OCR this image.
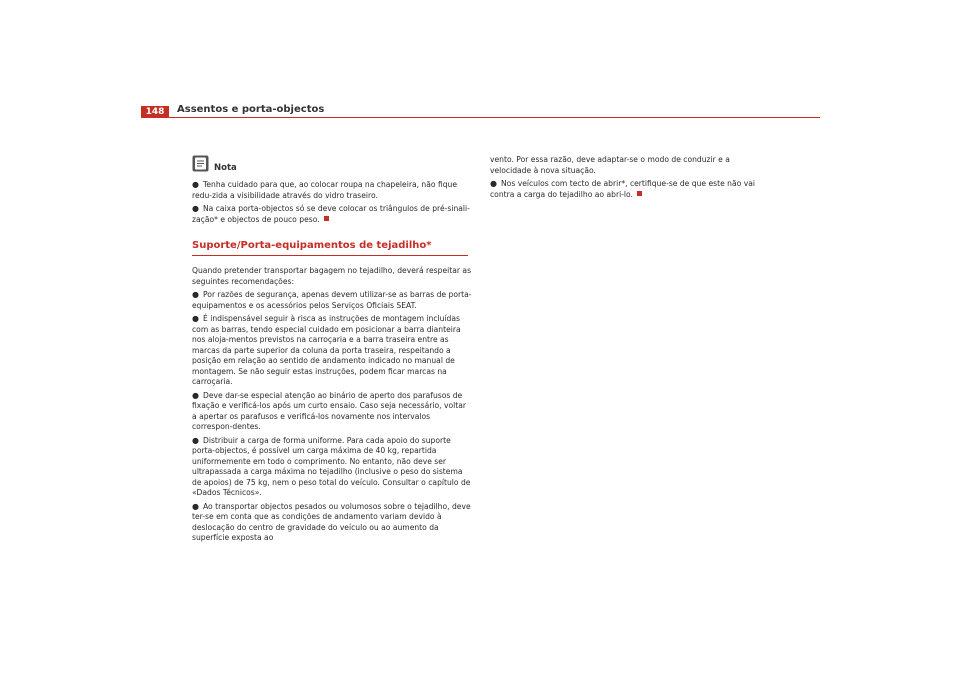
148	Assentos e porta-objectos
Nota

● Tenha cuidado para que, ao colocar roupa na chapeleira, não fique redu-zida a visibilidade através do vidro traseiro.

● Na caixa porta-objectos só se deve colocar os triângulos de pré-sinali-zação* e objectos de pouco peso.

Suporte/Porta-equipamentos de tejadilho*

Quando pretender transportar bagagem no tejadilho, deverá respeitar as seguintes recomendações:

● Por razões de segurança, apenas devem utilizar-se as barras de porta-equipamentos e os acessórios pelos Serviços Oficiais SEAT.

● É indispensável seguir à risca as instruções de montagem incluídas com as barras, tendo especial cuidado em posicionar a barra dianteira nos aloja-mentos previstos na carroçaria e a barra traseira entre as marcas da parte superior da coluna da porta traseira, respeitando a posição em relação ao sentido de andamento indicado no manual de montagem. Se não seguir estas instruções, podem ficar marcas na carroçaria.

● Deve dar-se especial atenção ao binário de aperto dos parafusos de fixação e verificá-los após um curto ensaio. Caso seja necessário, voltar a apertar os parafusos e verificá-los novamente nos intervalos correspon-dentes.

● Distribuir a carga de forma uniforme. Para cada apoio do suporte porta-objectos, é possível um carga máxima de 40 kg, repartida uniformemente em todo o comprimento. No entanto, não deve ser ultrapassada a carga máxima no tejadilho (inclusive o peso do sistema de apoios) de 75 kg, nem o peso total do veículo. Consultar o capítulo de «Dados Técnicos».

● Ao transportar objectos pesados ou volumosos sobre o tejadilho, deve ter-se em conta que as condições de andamento variam devido à deslocação do centro de gravidade do veículo ou ao aumento da superfície exposta ao

vento. Por essa razão, deve adaptar-se o modo de conduzir e a velocidade à nova situação.

● Nos veículos com tecto de abrir*, certifique-se de que este não vai contra a carga do tejadilho ao abri-lo.
